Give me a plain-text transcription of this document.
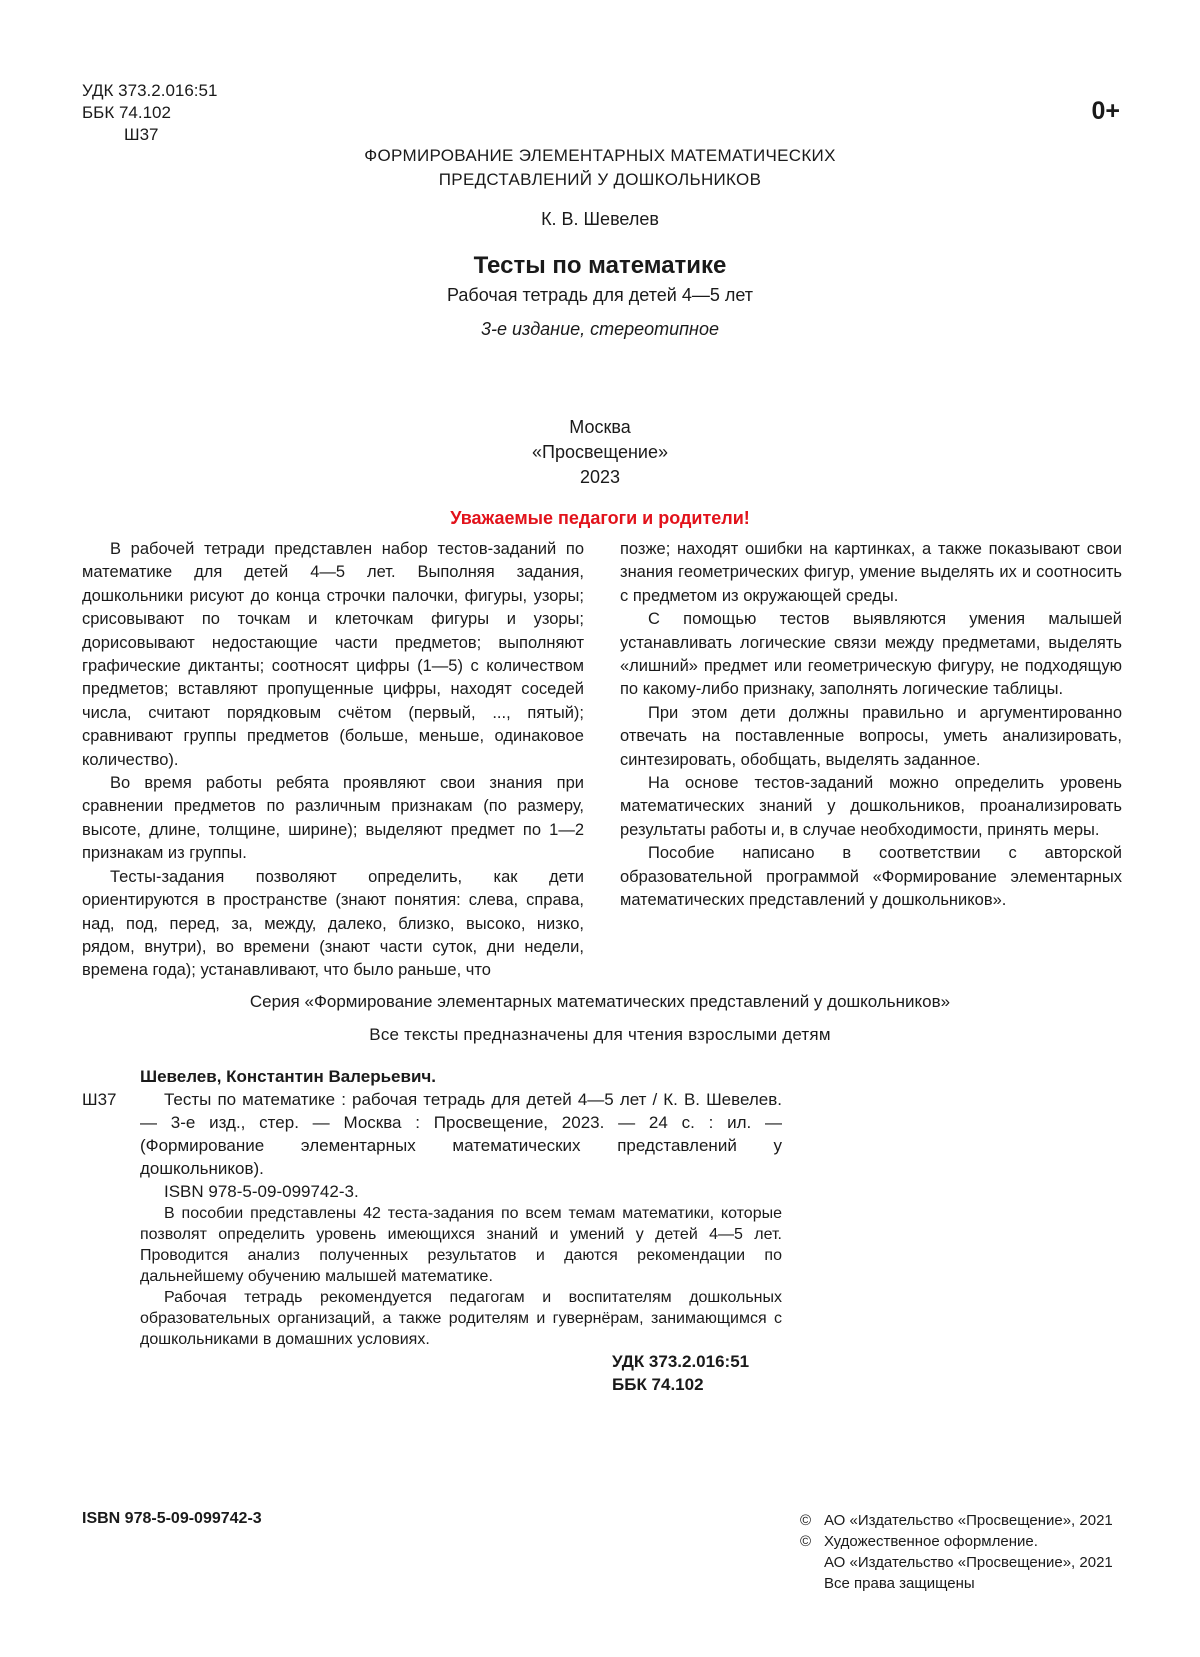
УДК 373.2.016:51
ББК 74.102
Ш37
0+
ФОРМИРОВАНИЕ ЭЛЕМЕНТАРНЫХ МАТЕМАТИЧЕСКИХ
ПРЕДСТАВЛЕНИЙ У ДОШКОЛЬНИКОВ
К. В. Шевелев
Тесты по математике
Рабочая тетрадь для детей 4—5 лет
3-е издание, стереотипное
Москва
«Просвещение»
2023
Уважаемые педагоги и родители!

В рабочей тетради представлен набор тестов-заданий по математике для детей 4—5 лет. Выполняя задания, дошкольники рисуют до конца строчки палочки, фигуры, узоры; срисовывают по точкам и клеточкам фигуры и узоры; дорисовывают недостающие части предметов; выполняют графические диктанты; соотносят цифры (1—5) с количеством предметов; вставляют пропущенные цифры, находят соседей числа, считают порядковым счётом (первый, ..., пятый); сравнивают группы предметов (больше, меньше, одинаковое количество).

Во время работы ребята проявляют свои знания при сравнении предметов по различным признакам (по размеру, высоте, длине, толщине, ширине); выделяют предмет по 1—2 признакам из группы.

Тесты-задания позволяют определить, как дети ориентируются в пространстве (знают понятия: слева, справа, над, под, перед, за, между, далеко, близко, высоко, низко, рядом, внутри), во времени (знают части суток, дни недели, времена года); устанавливают, что было раньше, что

позже; находят ошибки на картинках, а также показывают свои знания геометрических фигур, умение выделять их и соотносить с предметом из окружающей среды.

С помощью тестов выявляются умения малышей устанавливать логические связи между предметами, выделять «лишний» предмет или геометрическую фигуру, не подходящую по какому-либо признаку, заполнять логические таблицы.

При этом дети должны правильно и аргументированно отвечать на поставленные вопросы, уметь анализировать, синтезировать, обобщать, выделять заданное.

На основе тестов-заданий можно определить уровень математических знаний у дошкольников, проанализировать результаты работы и, в случае необходимости, принять меры.

Пособие написано в соответствии с авторской образовательной программой «Формирование элементарных математических представлений у дошкольников».

Серия «Формирование элементарных математических представлений у дошкольников»
Все тексты предназначены для чтения взрослыми детям
Шевелев, Константин Валерьевич.
Ш37	Тесты по математике : рабочая тетрадь для детей 4—5 лет / К. В. Шевелев. — 3-е изд., стер. — Москва : Просвещение, 2023. — 24 с. : ил. — (Формирование элементарных математических представлений у дошкольников).

ISBN 978-5-09-099742-3.

В пособии представлены 42 теста-задания по всем темам математики, которые позволят определить уровень имеющихся знаний и умений у детей 4—5 лет. Проводится анализ полученных результатов и даются рекомендации по дальнейшему обучению малышей математике.

Рабочая тетрадь рекомендуется педагогам и воспитателям дошкольных образовательных организаций, а также родителям и гувернёрам, занимающимся с дошкольниками в домашних условиях.

УДК 373.2.016:51
ББК 74.102
ISBN 978-5-09-099742-3	© АО «Издательство «Просвещение», 2021
© Художественное оформление.
АО «Издательство «Просвещение», 2021
Все права защищены
